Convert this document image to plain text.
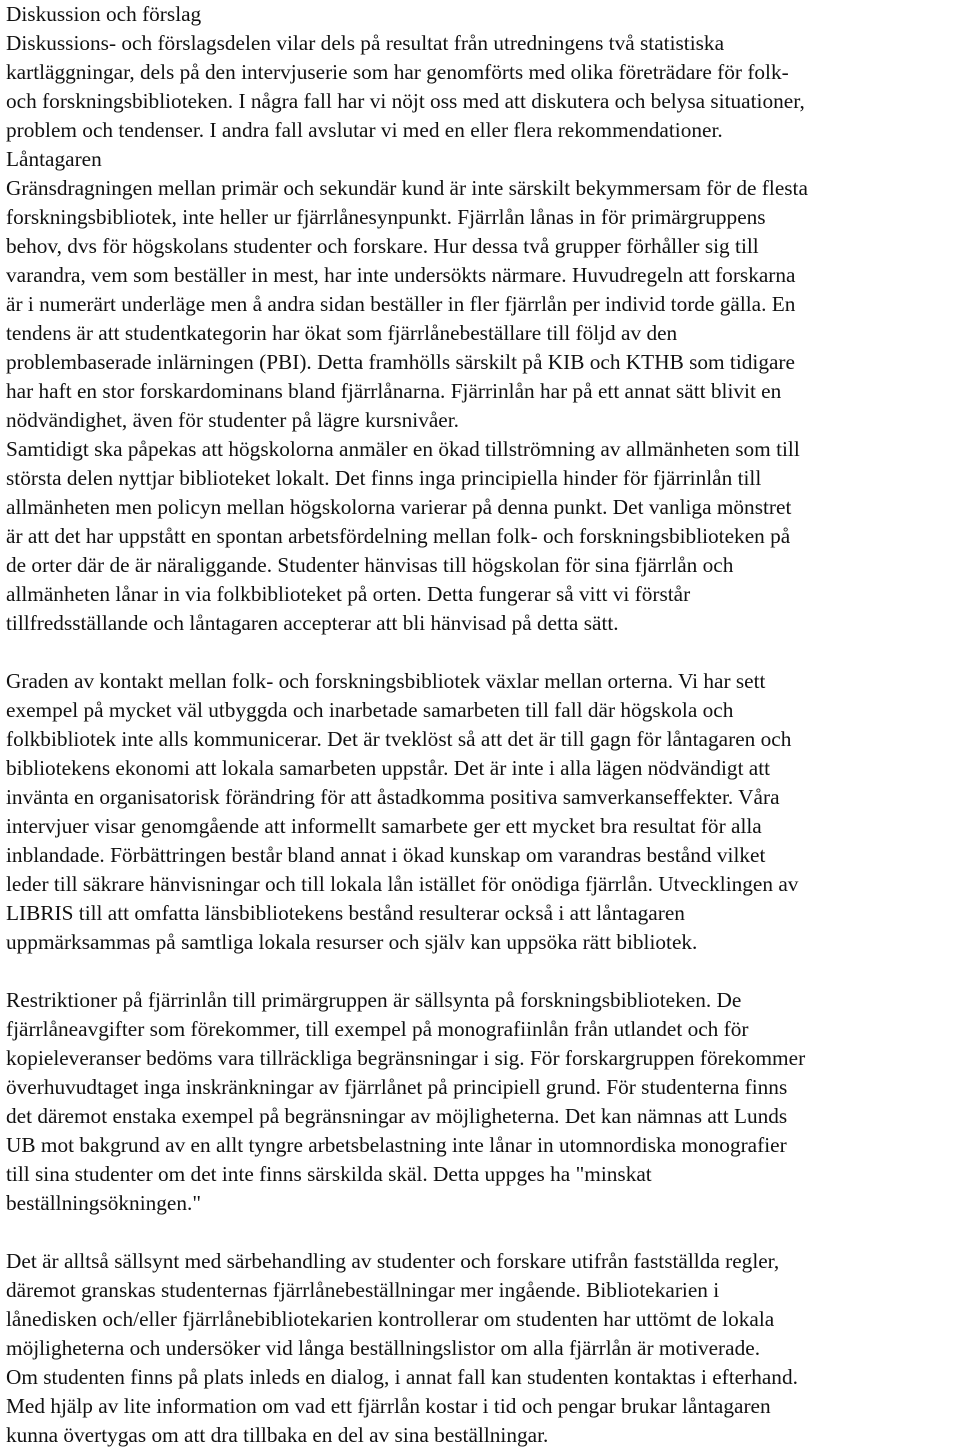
Diskussion och förslag
Diskussions- och förslagsdelen vilar dels på resultat från utredningens två statistiska
kartläggningar, dels på den intervjuserie som har genomförts med olika företrädare för folk-
och forskningsbiblioteken. I några fall har vi nöjt oss med att diskutera och belysa situationer,
problem och tendenser. I andra fall avslutar vi med en eller flera rekommendationer.
Låntagaren
Gränsdragningen mellan primär och sekundär kund är inte särskilt bekymmersam för de flesta
forskningsbibliotek, inte heller ur fjärrlånesynpunkt. Fjärrlån lånas in för primärgruppens
behov, dvs för högskolans studenter och forskare. Hur dessa två grupper förhåller sig till
varandra, vem som beställer in mest, har inte undersökts närmare. Huvudregeln att forskarna
är i numerärt underläge men å andra sidan beställer in fler fjärrlån per individ torde gälla. En
tendens är att studentkategorin har ökat som fjärrlånebeställare till följd av den
problembaserade inlärningen (PBI). Detta framhölls särskilt på KIB och KTHB som tidigare
har haft en stor forskardominans bland fjärrlånarna. Fjärrinlån har på ett annat sätt blivit en
nödvändighet, även för studenter på lägre kursnivåer.
Samtidigt ska påpekas att högskolorna anmäler en ökad tillströmning av allmänheten som till
största delen nyttjar biblioteket lokalt. Det finns inga principiella hinder för fjärrinlån till
allmänheten men policyn mellan högskolorna varierar på denna punkt. Det vanliga mönstret
är att det har uppstått en spontan arbetsfördelning mellan folk- och forskningsbiblioteken på
de orter där de är näraliggande. Studenter hänvisas till högskolan för sina fjärrlån och
allmänheten lånar in via folkbiblioteket på orten. Detta fungerar så vitt vi förstår
tillfredsställande och låntagaren accepterar att bli hänvisad på detta sätt.
Graden av kontakt mellan folk- och forskningsbibliotek växlar mellan orterna. Vi har sett
exempel på mycket väl utbyggda och inarbetade samarbeten till fall där högskola och
folkbibliotek inte alls kommunicerar. Det är tveklöst så att det är till gagn för låntagaren och
bibliotekens ekonomi att lokala samarbeten uppstår. Det är inte i alla lägen nödvändigt att
invänta en organisatorisk förändring för att åstadkomma positiva samverkanseffekter. Våra
intervjuer visar genomgående att informellt samarbete ger ett mycket bra resultat för alla
inblandade. Förbättringen består bland annat i ökad kunskap om varandras bestånd vilket
leder till säkrare hänvisningar och till lokala lån istället för onödiga fjärrlån. Utvecklingen av
LIBRIS till att omfatta länsbibliotekens bestånd resulterar också i att låntagaren
uppmärksammas på samtliga lokala resurser och själv kan uppsöka rätt bibliotek.
Restriktioner på fjärrinlån till primärgruppen är sällsynta på forskningsbiblioteken. De
fjärrlåneavgifter som förekommer, till exempel på monografiinlån från utlandet och för
kopieleveranser bedöms vara tillräckliga begränsningar i sig. För forskargruppen förekommer
överhuvudtaget inga inskränkningar av fjärrlånet på principiell grund. För studenterna finns
det däremot enstaka exempel på begränsningar av möjligheterna. Det kan nämnas att Lunds
UB mot bakgrund av en allt tyngre arbetsbelastning inte lånar in utomnordiska monografier
till sina studenter om det inte finns särskilda skäl. Detta uppges ha "minskat
beställningsökningen."
Det är alltså sällsynt med särbehandling av studenter och forskare utifrån fastställda regler,
däremot granskas studenternas fjärrlånebeställningar mer ingående. Bibliotekarien i
lånedisken och/eller fjärrlånebibliotekarien kontrollerar om studenten har uttömt de lokala
möjligheterna och undersöker vid långa beställningslistor om alla fjärrlån är motiverade.
Om studenten finns på plats inleds en dialog, i annat fall kan studenten kontaktas i efterhand.
Med hjälp av lite information om vad ett fjärrlån kostar i tid och pengar brukar låntagaren
kunna övertygas om att dra tillbaka en del av sina beställningar.
